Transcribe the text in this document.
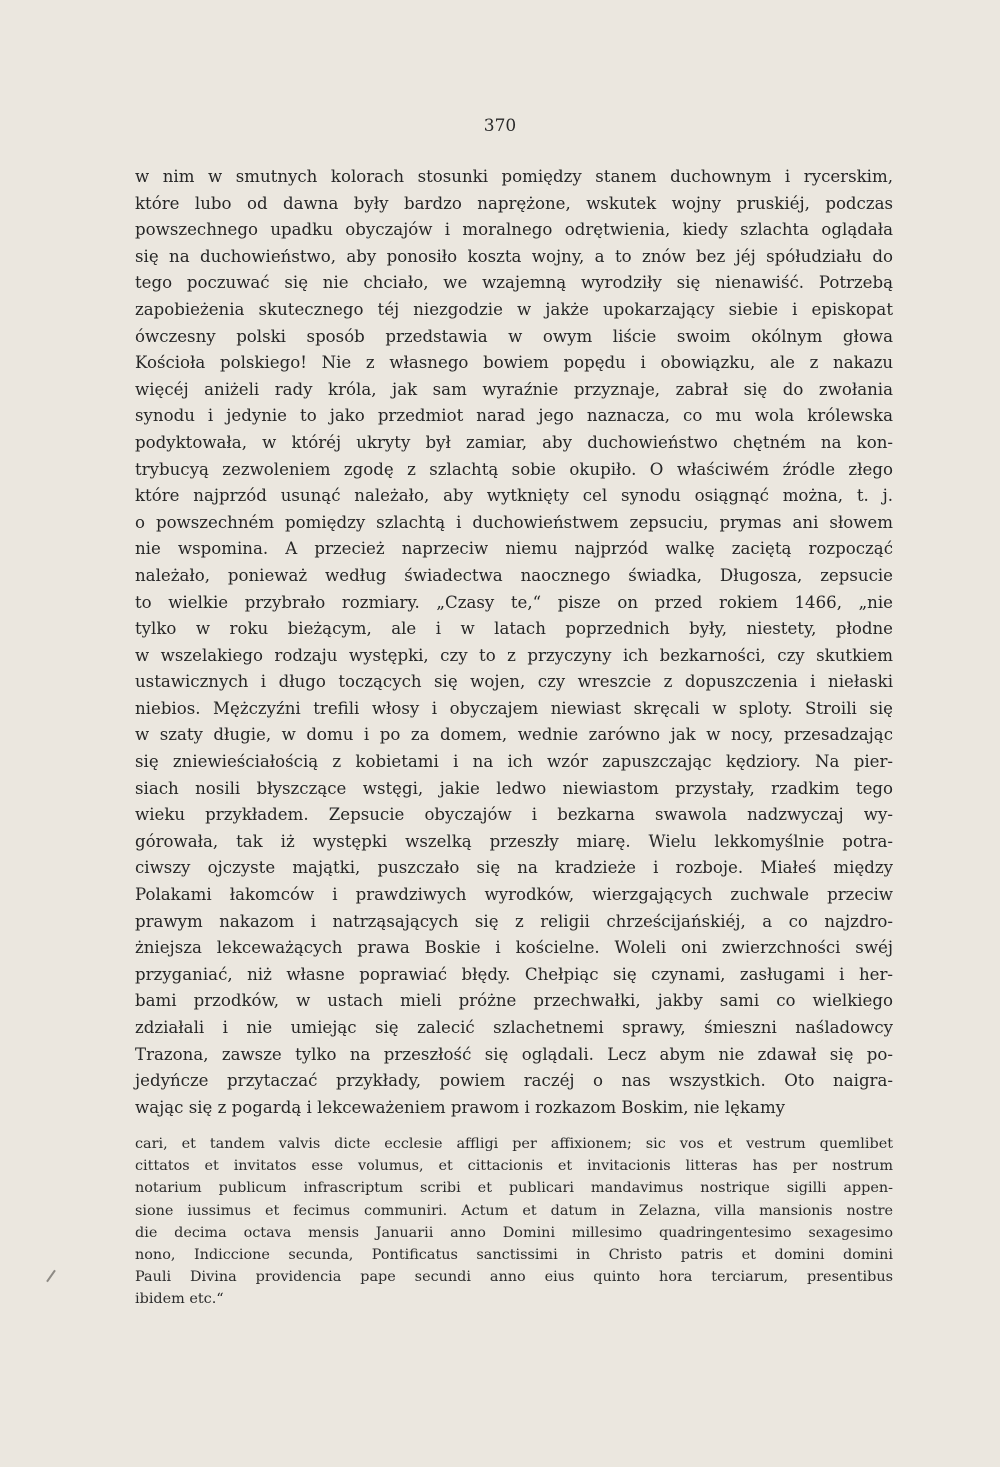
370
w nim w smutnych kolorach stosunki pomiędzy stanem duchownym i rycerskim,
które lubo od dawna były bardzo naprężone, wskutek wojny pruskiéj, podczas
powszechnego upadku obyczajów i moralnego odrętwienia, kiedy szlachta oglądała
się na duchowieństwo, aby ponosiło koszta wojny, a to znów bez jéj spółudziału do
tego poczuwać się nie chciało, we wzajemną wyrodziły się nienawiść. Potrzebą
zapobieżenia skutecznego téj niezgodzie w jakże upokarzający siebie i episkopat
ówczesny polski sposób przedstawia w owym liście swoim okólnym głowa
Kościoła polskiego! Nie z własnego bowiem popędu i obowiązku, ale z nakazu
więcéj aniżeli rady króla, jak sam wyraźnie przyznaje, zabrał się do zwołania
synodu i jedynie to jako przedmiot narad jego naznacza, co mu wola królewska
podyktowała, w któréj ukryty był zamiar, aby duchowieństwo chętném na kon-
trybucyą zezwoleniem zgodę z szlachtą sobie okupiło. O właściwém źródle złego
które najprzód usunąć należało, aby wytknięty cel synodu osiągnąć można, t. j.
o powszechném pomiędzy szlachtą i duchowieństwem zepsuciu, prymas ani słowem
nie wspomina. A przecież naprzeciw niemu najprzód walkę zaciętą rozpocząć
należało, ponieważ według świadectwa naocznego świadka, Długosza, zepsucie
to wielkie przybrało rozmiary. „Czasy te,“ pisze on przed rokiem 1466, „nie
tylko w roku bieżącym, ale i w latach poprzednich były, niestety, płodne
w wszelakiego rodzaju występki, czy to z przyczyny ich bezkarności, czy skutkiem
ustawicznych i długo toczących się wojen, czy wreszcie z dopuszczenia i niełaski
niebios. Mężczyźni trefili włosy i obyczajem niewiast skręcali w sploty. Stroili się
w szaty długie, w domu i po za domem, wednie zarówno jak w nocy, przesadzając
się zniewieściałością z kobietami i na ich wzór zapuszczając kędziory. Na pier-
siach nosili błyszczące wstęgi, jakie ledwo niewiastom przystały, rzadkim tego
wieku przykładem. Zepsucie obyczajów i bezkarna swawola nadzwyczaj wy-
górowała, tak iż występki wszelką przeszły miarę. Wielu lekkomyślnie potra-
ciwszy ojczyste majątki, puszczało się na kradzieże i rozboje. Miałeś między
Polakami łakomców i prawdziwych wyrodków, wierzgających zuchwale przeciw
prawym nakazom i natrząsających się z religii chrześcijańskiéj, a co najzdro-
żniejsza lekceważących prawa Boskie i kościelne. Woleli oni zwierzchności swéj
przyganiać, niż własne poprawiać błędy. Chełpiąc się czynami, zasługami i her-
bami przodków, w ustach mieli próżne przechwałki, jakby sami co wielkiego
zdziałali i nie umiejąc się zalecić szlachetnemi sprawy, śmieszni naśladowcy
Trazona, zawsze tylko na przeszłość się oglądali. Lecz abym nie zdawał się po-
jedyńcze przytaczać przykłady, powiem raczéj o nas wszystkich. Oto naigra-
wając się z pogardą i lekceważeniem prawom i rozkazom Boskim, nie lękamy
cari, et tandem valvis dicte ecclesie affligi per affixionem; sic vos et vestrum quemlibet
cittatos et invitatos esse volumus, et cittacionis et invitacionis litteras has per nostrum
notarium publicum infrascriptum scribi et publicari mandavimus nostrique sigilli appen-
sione iussimus et fecimus communiri. Actum et datum in Zelazna, villa mansionis nostre
die decima octava mensis Januarii anno Domini millesimo quadringentesimo sexagesimo
nono, Indiccione secunda, Pontificatus sanctissimi in Christo patris et domini domini
Pauli Divina providencia pape secundi anno eius quinto hora terciarum, presentibus
ibidem etc.“
